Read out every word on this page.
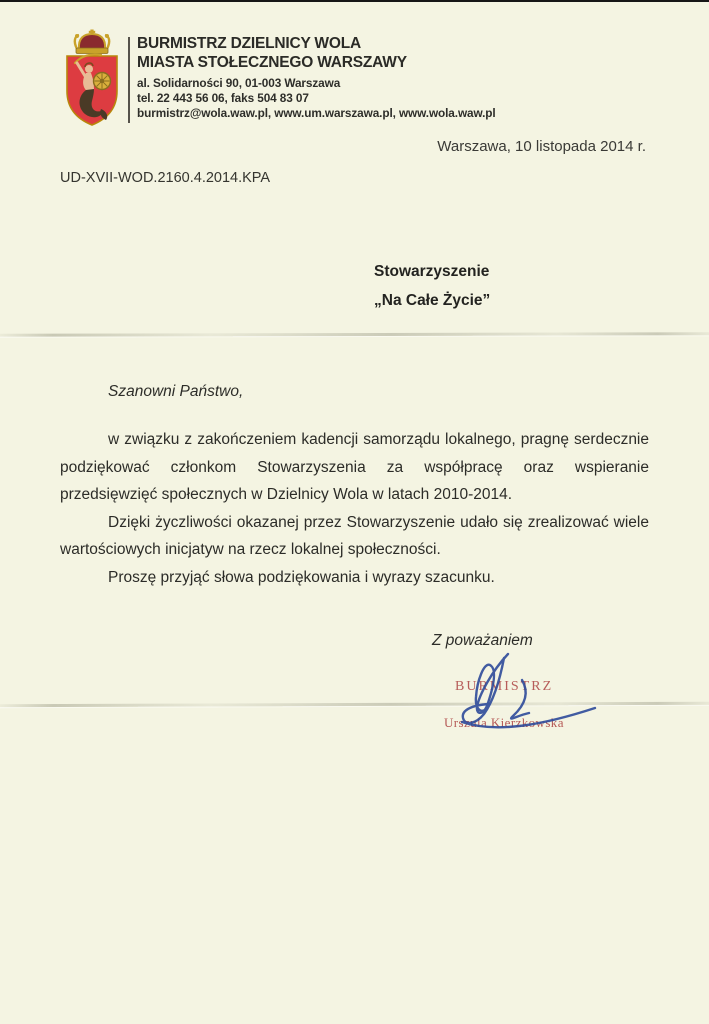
BURMISTRZ DZIELNICY WOLA
MIASTA STOŁECZNEGO WARSZAWY
al. Solidarności 90, 01-003 Warszawa
tel. 22 443 56 06, faks 504 83 07
burmistrz@wola.waw.pl, www.um.warszawa.pl, www.wola.waw.pl
Warszawa, 10 listopada 2014 r.
UD-XVII-WOD.2160.4.2014.KPA
Stowarzyszenie
„Na Całe Życie”
Szanowni Państwo,

w związku z zakończeniem kadencji samorządu lokalnego, pragnę serdecznie podziękować członkom Stowarzyszenia za współpracę oraz wspieranie przedsięwzięć społecznych w Dzielnicy Wola w latach 2010-2014.

Dzięki życzliwości okazanej przez Stowarzyszenie udało się zrealizować wiele wartościowych inicjatyw na rzecz lokalnej społeczności.

Proszę przyjąć słowa podziękowania i wyrazy szacunku.

Z poważaniem
BURMISTRZ
Urszula Kierzkowska
